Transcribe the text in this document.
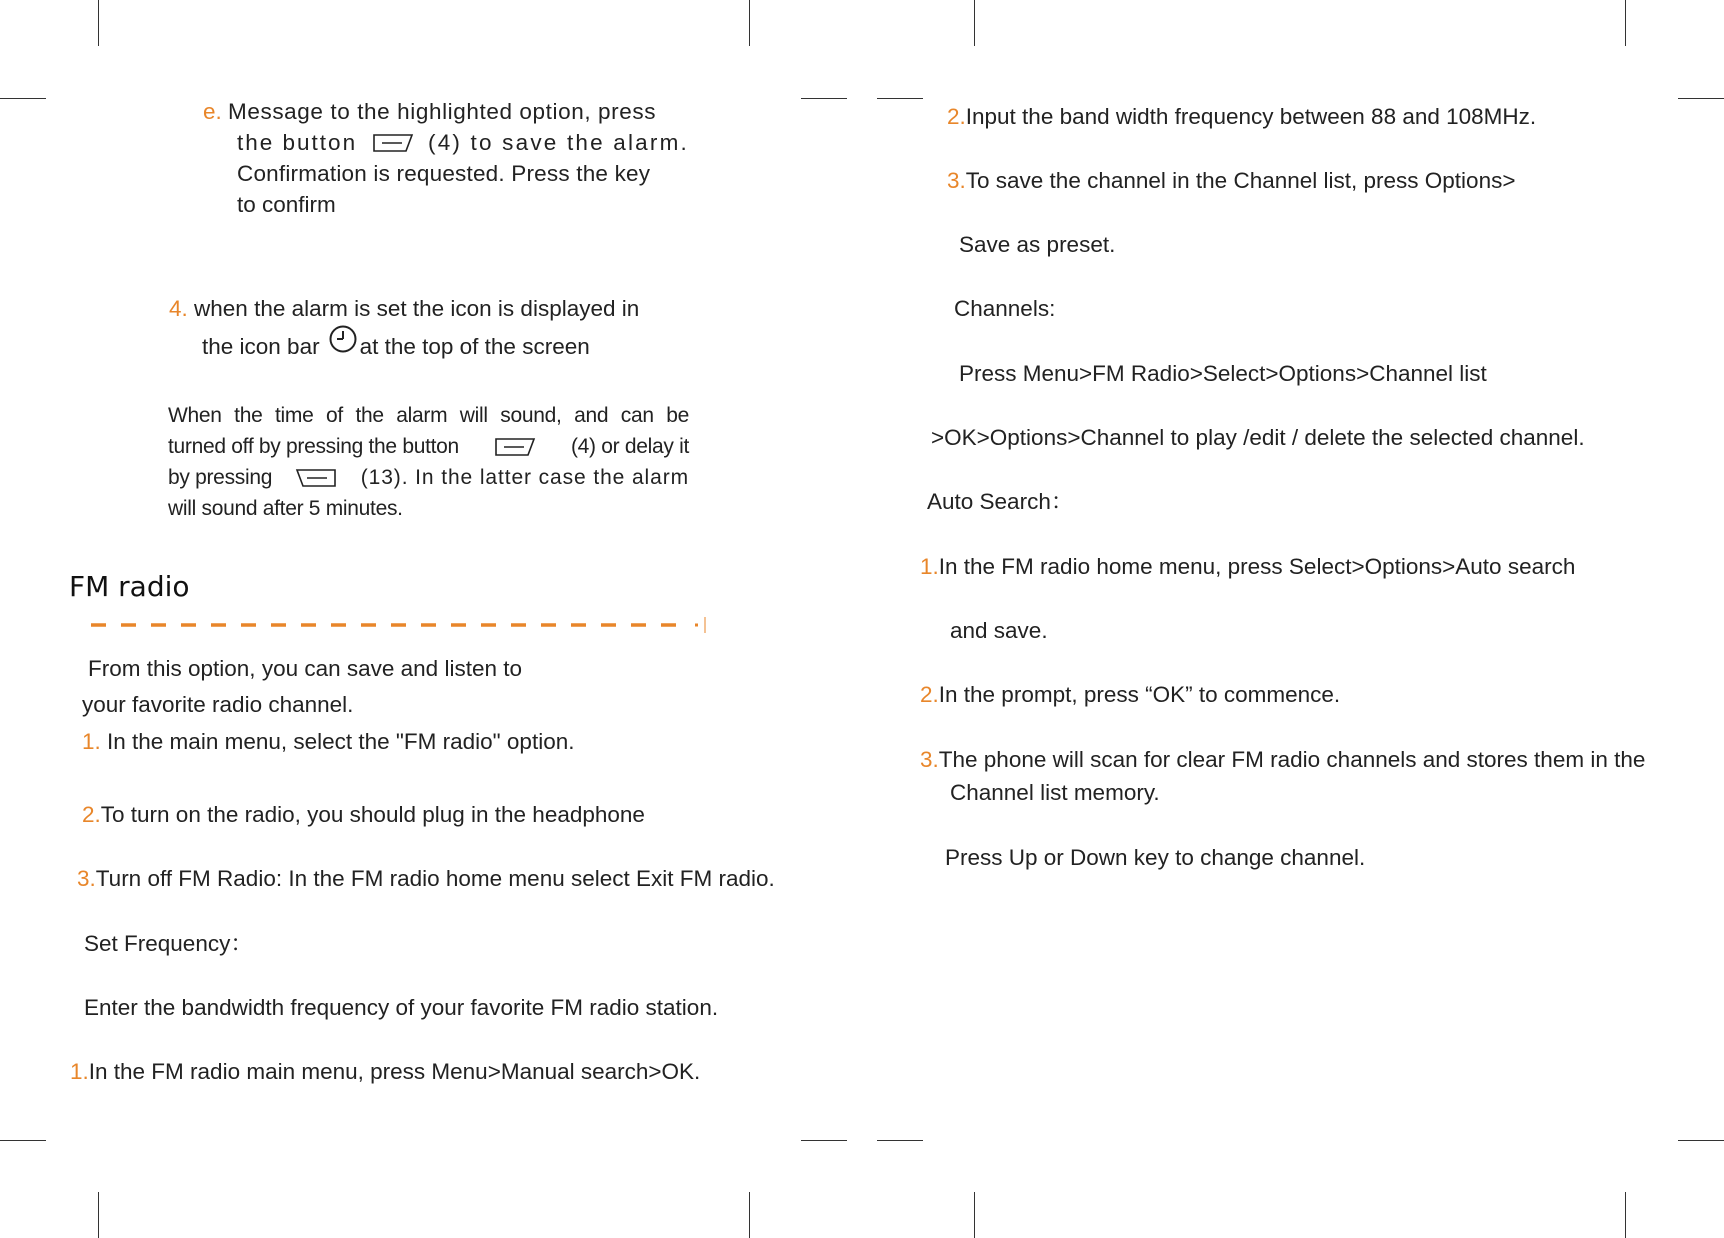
e. Message to the highlighted option, press
the button	(4) to save the alarm.
Confirmation is requested. Press the key
to confirm
4. when the alarm is set the icon is displayed in
the icon bar at the top of the screen
When the time of the alarm will sound, and can be
turned off by pressing the button	(4) or delay it
by pressing	(13). In the latter case the alarm
will sound after 5 minutes.
FM radio
From this option, you can save and listen to
your favorite radio channel.
1. In the main menu, select the "FM radio" option.
2.To turn on the radio, you should plug in the headphone
3.Turn off FM Radio: In the FM radio home menu select Exit FM radio.
Set Frequency：
Enter the bandwidth frequency of your favorite FM radio station.
1.In the FM radio main menu, press Menu>Manual search>OK.
2.Input the band width frequency between 88 and 108MHz.
3.To save the channel in the Channel list, press Options>
Save as preset.
Channels:
Press Menu>FM Radio>Select>Options>Channel list
>OK>Options>Channel to play /edit / delete the selected channel.
Auto Search：
1.In the FM radio home menu, press Select>Options>Auto search
and save.
2.In the prompt, press “OK” to commence.
3.The phone will scan for clear FM radio channels and stores them in the
Channel list memory.
Press Up or Down key to change channel.
